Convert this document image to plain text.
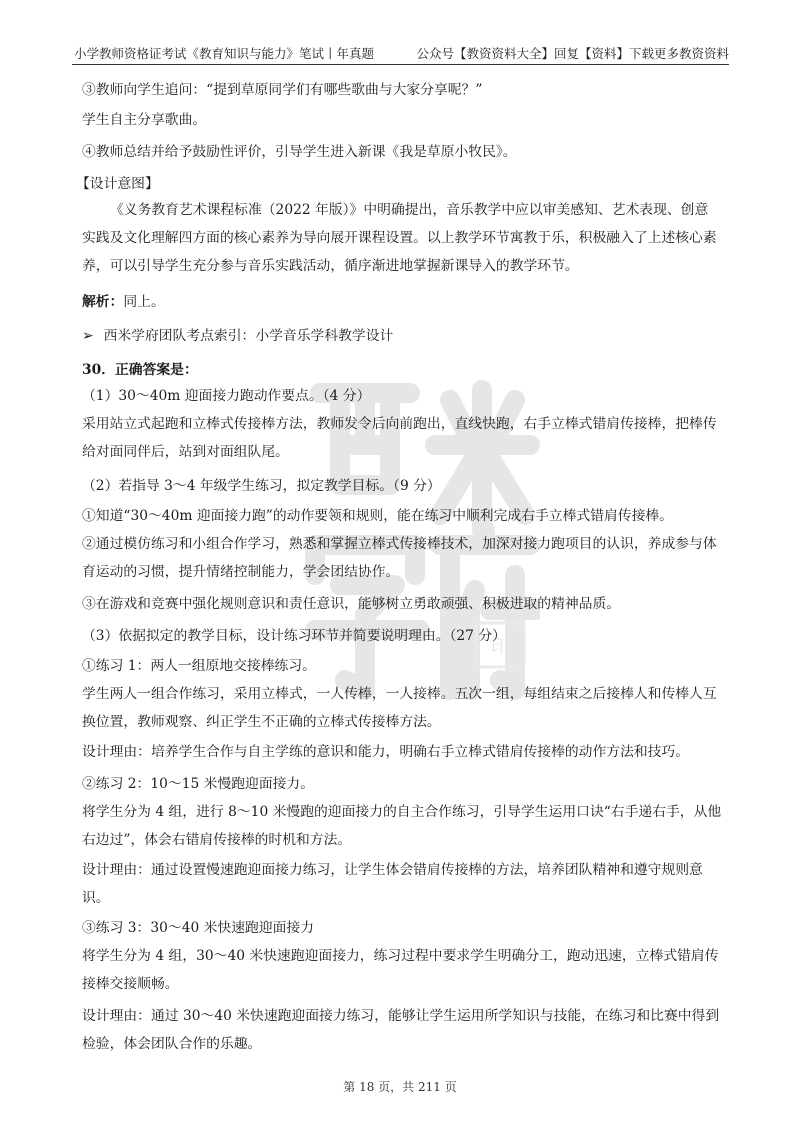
小学教师资格证考试《教育知识与能力》笔试丨年真题	公众号【教资资料大全】回复【资料】下载更多教资资料
印
③教师向学生追问：“提到草原同学们有哪些歌曲与大家分享呢？”
学生自主分享歌曲。
④教师总结并给予鼓励性评价，引导学生进入新课《我是草原小牧民》。
【设计意图】
《义务教育艺术课程标准（2022 年版）》中明确提出，音乐教学中应以审美感知、艺术表现、创意实践及文化理解四方面的核心素养为导向展开课程设置。以上教学环节寓教于乐，积极融入了上述核心素养，可以引导学生充分参与音乐实践活动，循序渐进地掌握新课导入的教学环节。
解析：同上。
➢ 西米学府团队考点索引：小学音乐学科教学设计
30．正确答案是：
（1）30～40m 迎面接力跑动作要点。（4 分）
采用站立式起跑和立棒式传接棒方法，教师发令后向前跑出，直线快跑，右手立棒式错肩传接棒，把棒传给对面同伴后，站到对面组队尾。
（2）若指导 3～4 年级学生练习，拟定教学目标。（9 分）
①知道“30～40m 迎面接力跑”的动作要领和规则，能在练习中顺利完成右手立棒式错肩传接棒。
②通过模仿练习和小组合作学习，熟悉和掌握立棒式传接棒技术，加深对接力跑项目的认识，养成参与体育运动的习惯，提升情绪控制能力，学会团结协作。
③在游戏和竞赛中强化规则意识和责任意识，能够树立勇敢顽强、积极进取的精神品质。
（3）依据拟定的教学目标，设计练习环节并简要说明理由。（27 分）
①练习 1：两人一组原地交接棒练习。
学生两人一组合作练习，采用立棒式，一人传棒，一人接棒。五次一组，每组结束之后接棒人和传棒人互换位置，教师观察、纠正学生不正确的立棒式传接棒方法。
设计理由：培养学生合作与自主学练的意识和能力，明确右手立棒式错肩传接棒的动作方法和技巧。
②练习 2：10～15 米慢跑迎面接力。
将学生分为 4 组，进行 8～10 米慢跑的迎面接力的自主合作练习，引导学生运用口诀“右手递右手，从他右边过”，体会右错肩传接棒的时机和方法。
设计理由：通过设置慢速跑迎面接力练习，让学生体会错肩传接棒的方法，培养团队精神和遵守规则意识。
③练习 3：30～40 米快速跑迎面接力
将学生分为 4 组，30～40 米快速跑迎面接力，练习过程中要求学生明确分工，跑动迅速，立棒式错肩传接棒交接顺畅。
设计理由：通过 30～40 米快速跑迎面接力练习，能够让学生运用所学知识与技能，在练习和比赛中得到检验，体会团队合作的乐趣。
第 18 页，共 211 页
